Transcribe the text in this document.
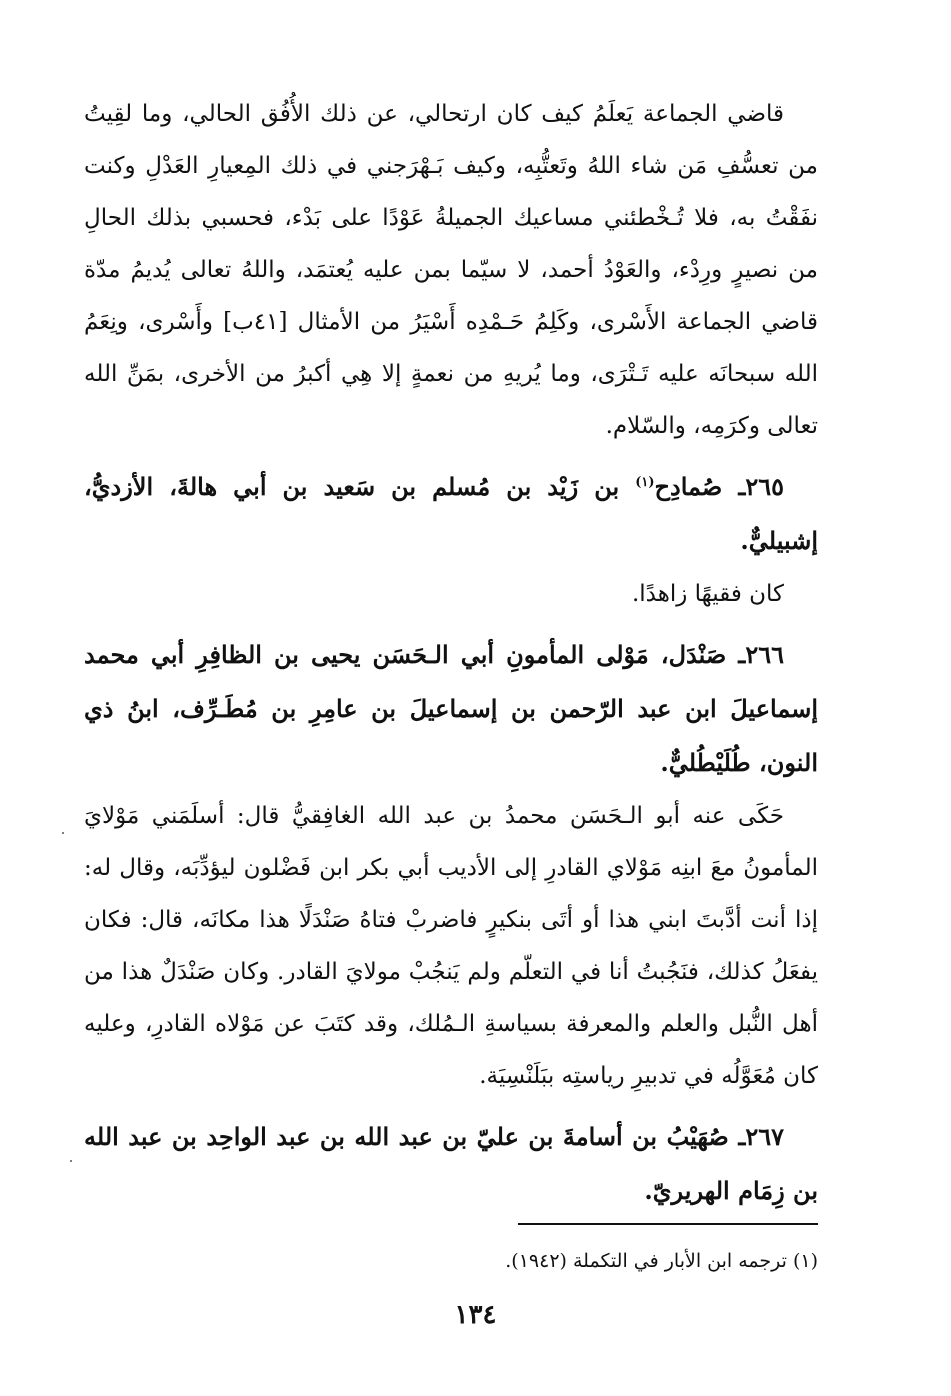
قاضي الجماعة يَعلَمُ كيف كان ارتحالي، عن ذلك الأُفُق الحالي، وما لقِيتُ من تعسُّفِ مَن شاء اللهُ وتَعتُّبِه، وكيف بَـهْرَجني في ذلك المِعيارِ العَدْلِ وكنت نفَقْتُ به، فلا تُـخْطئني مساعيك الجميلةُ عَوْدًا على بَدْء، فحسبي بذلك الحالِ من نصيرٍ ورِدْء، والعَوْدُ أحمد، لا سيّما بمن عليه يُعتمَد، واللهُ تعالى يُديمُ مدّة قاضي الجماعة الأَسْرى، وكَلِمُ حَـمْدِه أَسْيَرُ من الأمثال [٤١ب] وأَسْرى، ونِعَمُ الله سبحانَه عليه تَـتْرَى، وما يُريهِ من نعمةٍ إلا هِي أكبرُ من الأخرى، بمَنِّ الله تعالى وكرَمِه، والسّلام.

٢٦٥ـ صُمادِح$^{(١)}$ بن زَيْد بن مُسلم بن سَعيد بن أبي هالةَ، الأزديُّ، إشبيليٌّ.

كان فقيهًا زاهدًا.

٢٦٦ـ صَنْدَل، مَوْلى المأمونِ أبي الـحَسَن يحيى بن الظافِرِ أبي محمد إسماعيلَ ابن عبد الرّحمن بن إسماعيلَ بن عامِرِ بن مُطَـرِّف، ابنُ ذي النون، طُلَيْطُليٌّ.

حَكَى عنه أبو الـحَسَن محمدُ بن عبد الله الغافِقيُّ قال: أسلَمَني مَوْلايَ المأمونُ معَ ابنِه مَوْلاي القادرِ إلى الأديب أبي بكر ابن فَضْلون ليؤدِّبَه، وقال له: إذا أنت أدَّبتَ ابني هذا أو أتَى بنكيرٍ فاضربْ فتاهُ صَنْدَلًا هذا مكانَه، قال: فكان يفعَلُ كذلك، فنَجُبتُ أنا في التعلّم ولم يَنجُبْ مولايَ القادر. وكان صَنْدَلٌ هذا من أهل النُّبل والعلم والمعرفة بسياسةِ الـمُلك، وقد كتَبَ عن مَوْلاه القادرِ، وعليه كان مُعَوَّلُه في تدبيرِ رياستِه ببَلَنْسِيَة.

٢٦٧ـ صُهَيْبُ بن أسامةَ بن عليّ بن عبد الله بن عبد الواحِد بن عبد الله بن زِمَام الهريريّ.

(١) ترجمه ابن الأبار في التكملة (١٩٤٢).
١٣٤
